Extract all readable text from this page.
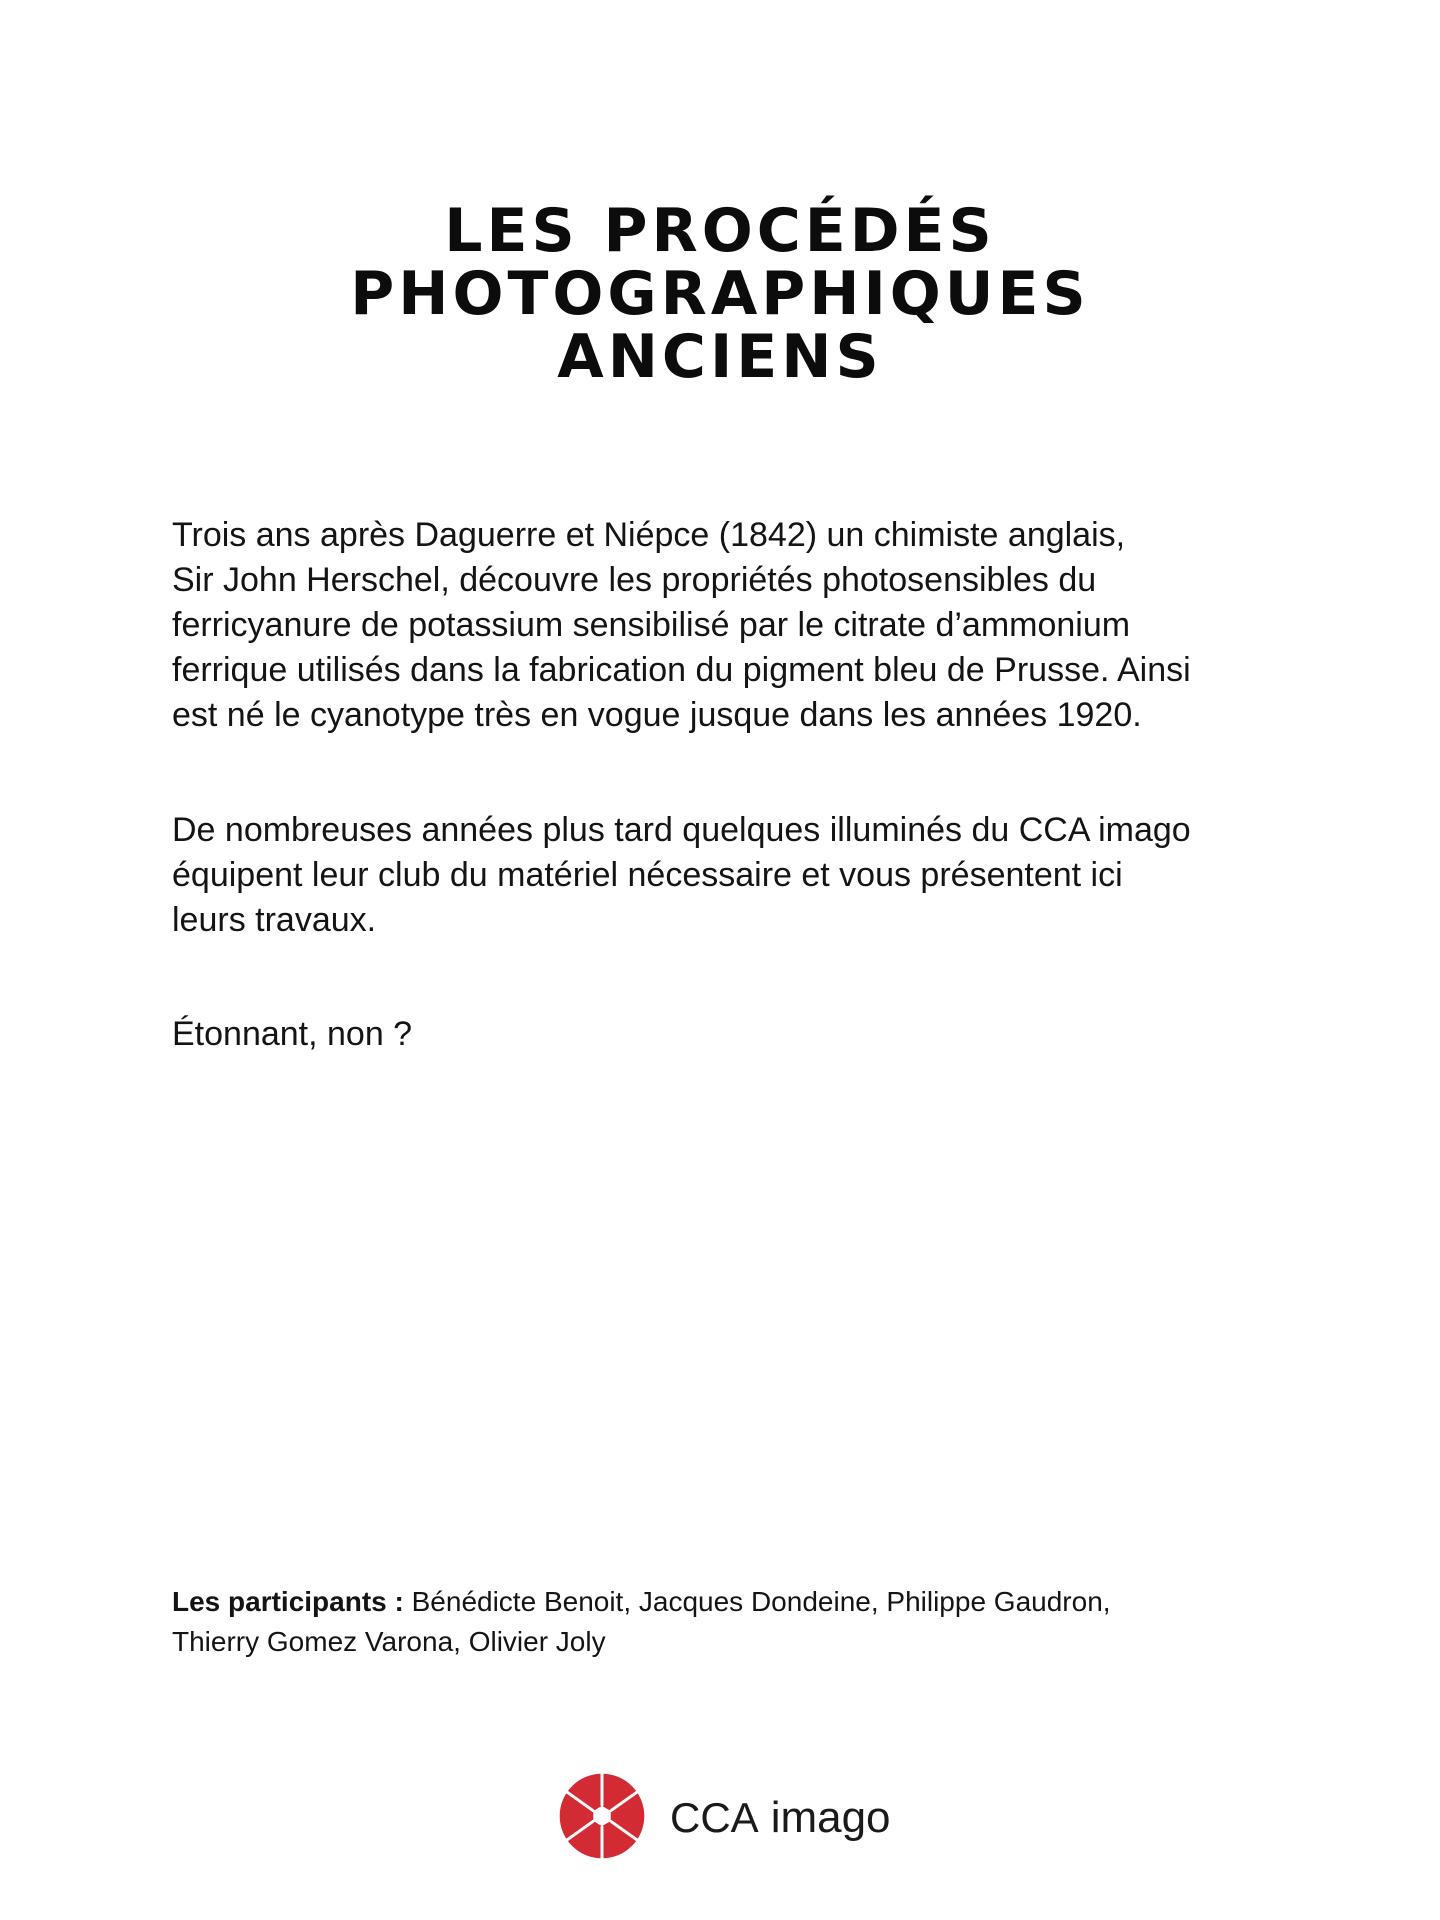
LES PROCÉDÉS
PHOTOGRAPHIQUES
ANCIENS
Trois ans après Daguerre et Niépce (1842) un chimiste anglais,
Sir John Herschel, découvre les propriétés photosensibles du
ferricyanure de potassium sensibilisé par le citrate d’ammonium
ferrique utilisés dans la fabrication du pigment bleu de Prusse. Ainsi
est né le cyanotype très en vogue jusque dans les années 1920.
De nombreuses années plus tard quelques illuminés du CCA imago
équipent leur club du matériel nécessaire et vous présentent ici
leurs travaux.
Étonnant, non ?
Les participants : Bénédicte Benoit, Jacques Dondeine, Philippe Gaudron,
Thierry Gomez Varona, Olivier Joly
CCA imago
